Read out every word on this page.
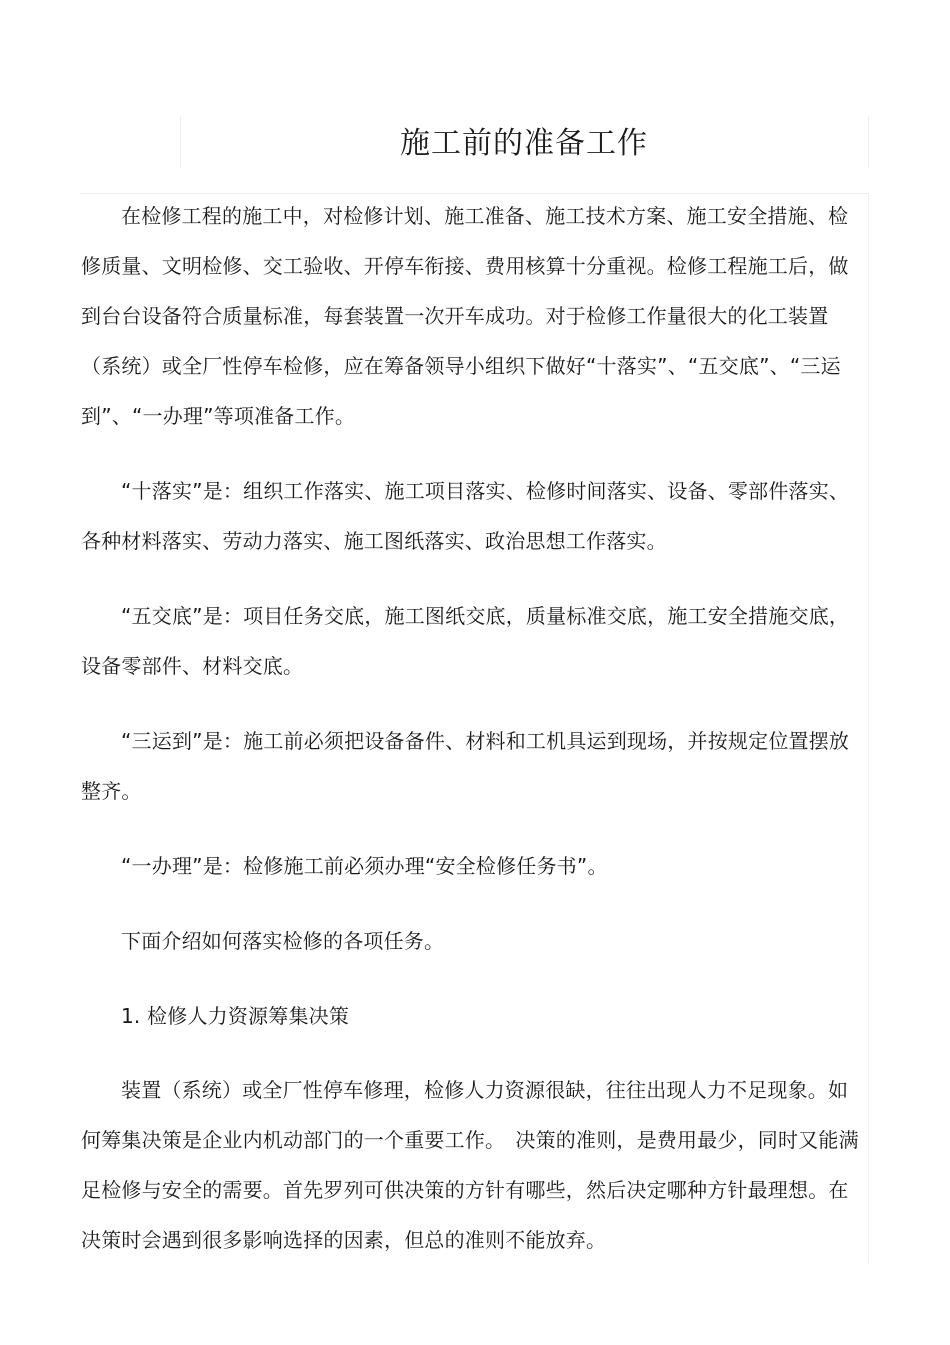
施工前的准备工作

在检修工程的施工中，对检修计划、施工准备、施工技术方案、施工安全措施、检修质量、文明检修、交工验收、开停车衔接、费用核算十分重视。检修工程施工后，做到台台设备符合质量标准，每套装置一次开车成功。对于检修工作量很大的化工装置（系统）或全厂性停车检修，应在筹备领导小组织下做好“十落实”、“五交底”、“三运到”、“一办理”等项准备工作。

“十落实”是：组织工作落实、施工项目落实、检修时间落实、设备、零部件落实、各种材料落实、劳动力落实、施工图纸落实、政治思想工作落实。

“五交底”是：项目任务交底，施工图纸交底，质量标准交底，施工安全措施交底，设备零部件、材料交底。

“三运到”是：施工前必须把设备备件、材料和工机具运到现场，并按规定位置摆放整齐。

“一办理”是：检修施工前必须办理“安全检修任务书”。

下面介绍如何落实检修的各项任务。

1. 检修人力资源筹集决策

装置（系统）或全厂性停车修理，检修人力资源很缺，往往出现人力不足现象。如何筹集决策是企业内机动部门的一个重要工作。　决策的准则，是费用最少，同时又能满足检修与安全的需要。首先罗列可供决策的方针有哪些，然后决定哪种方针最理想。在决策时会遇到很多影响选择的因素，但总的准则不能放弃。
